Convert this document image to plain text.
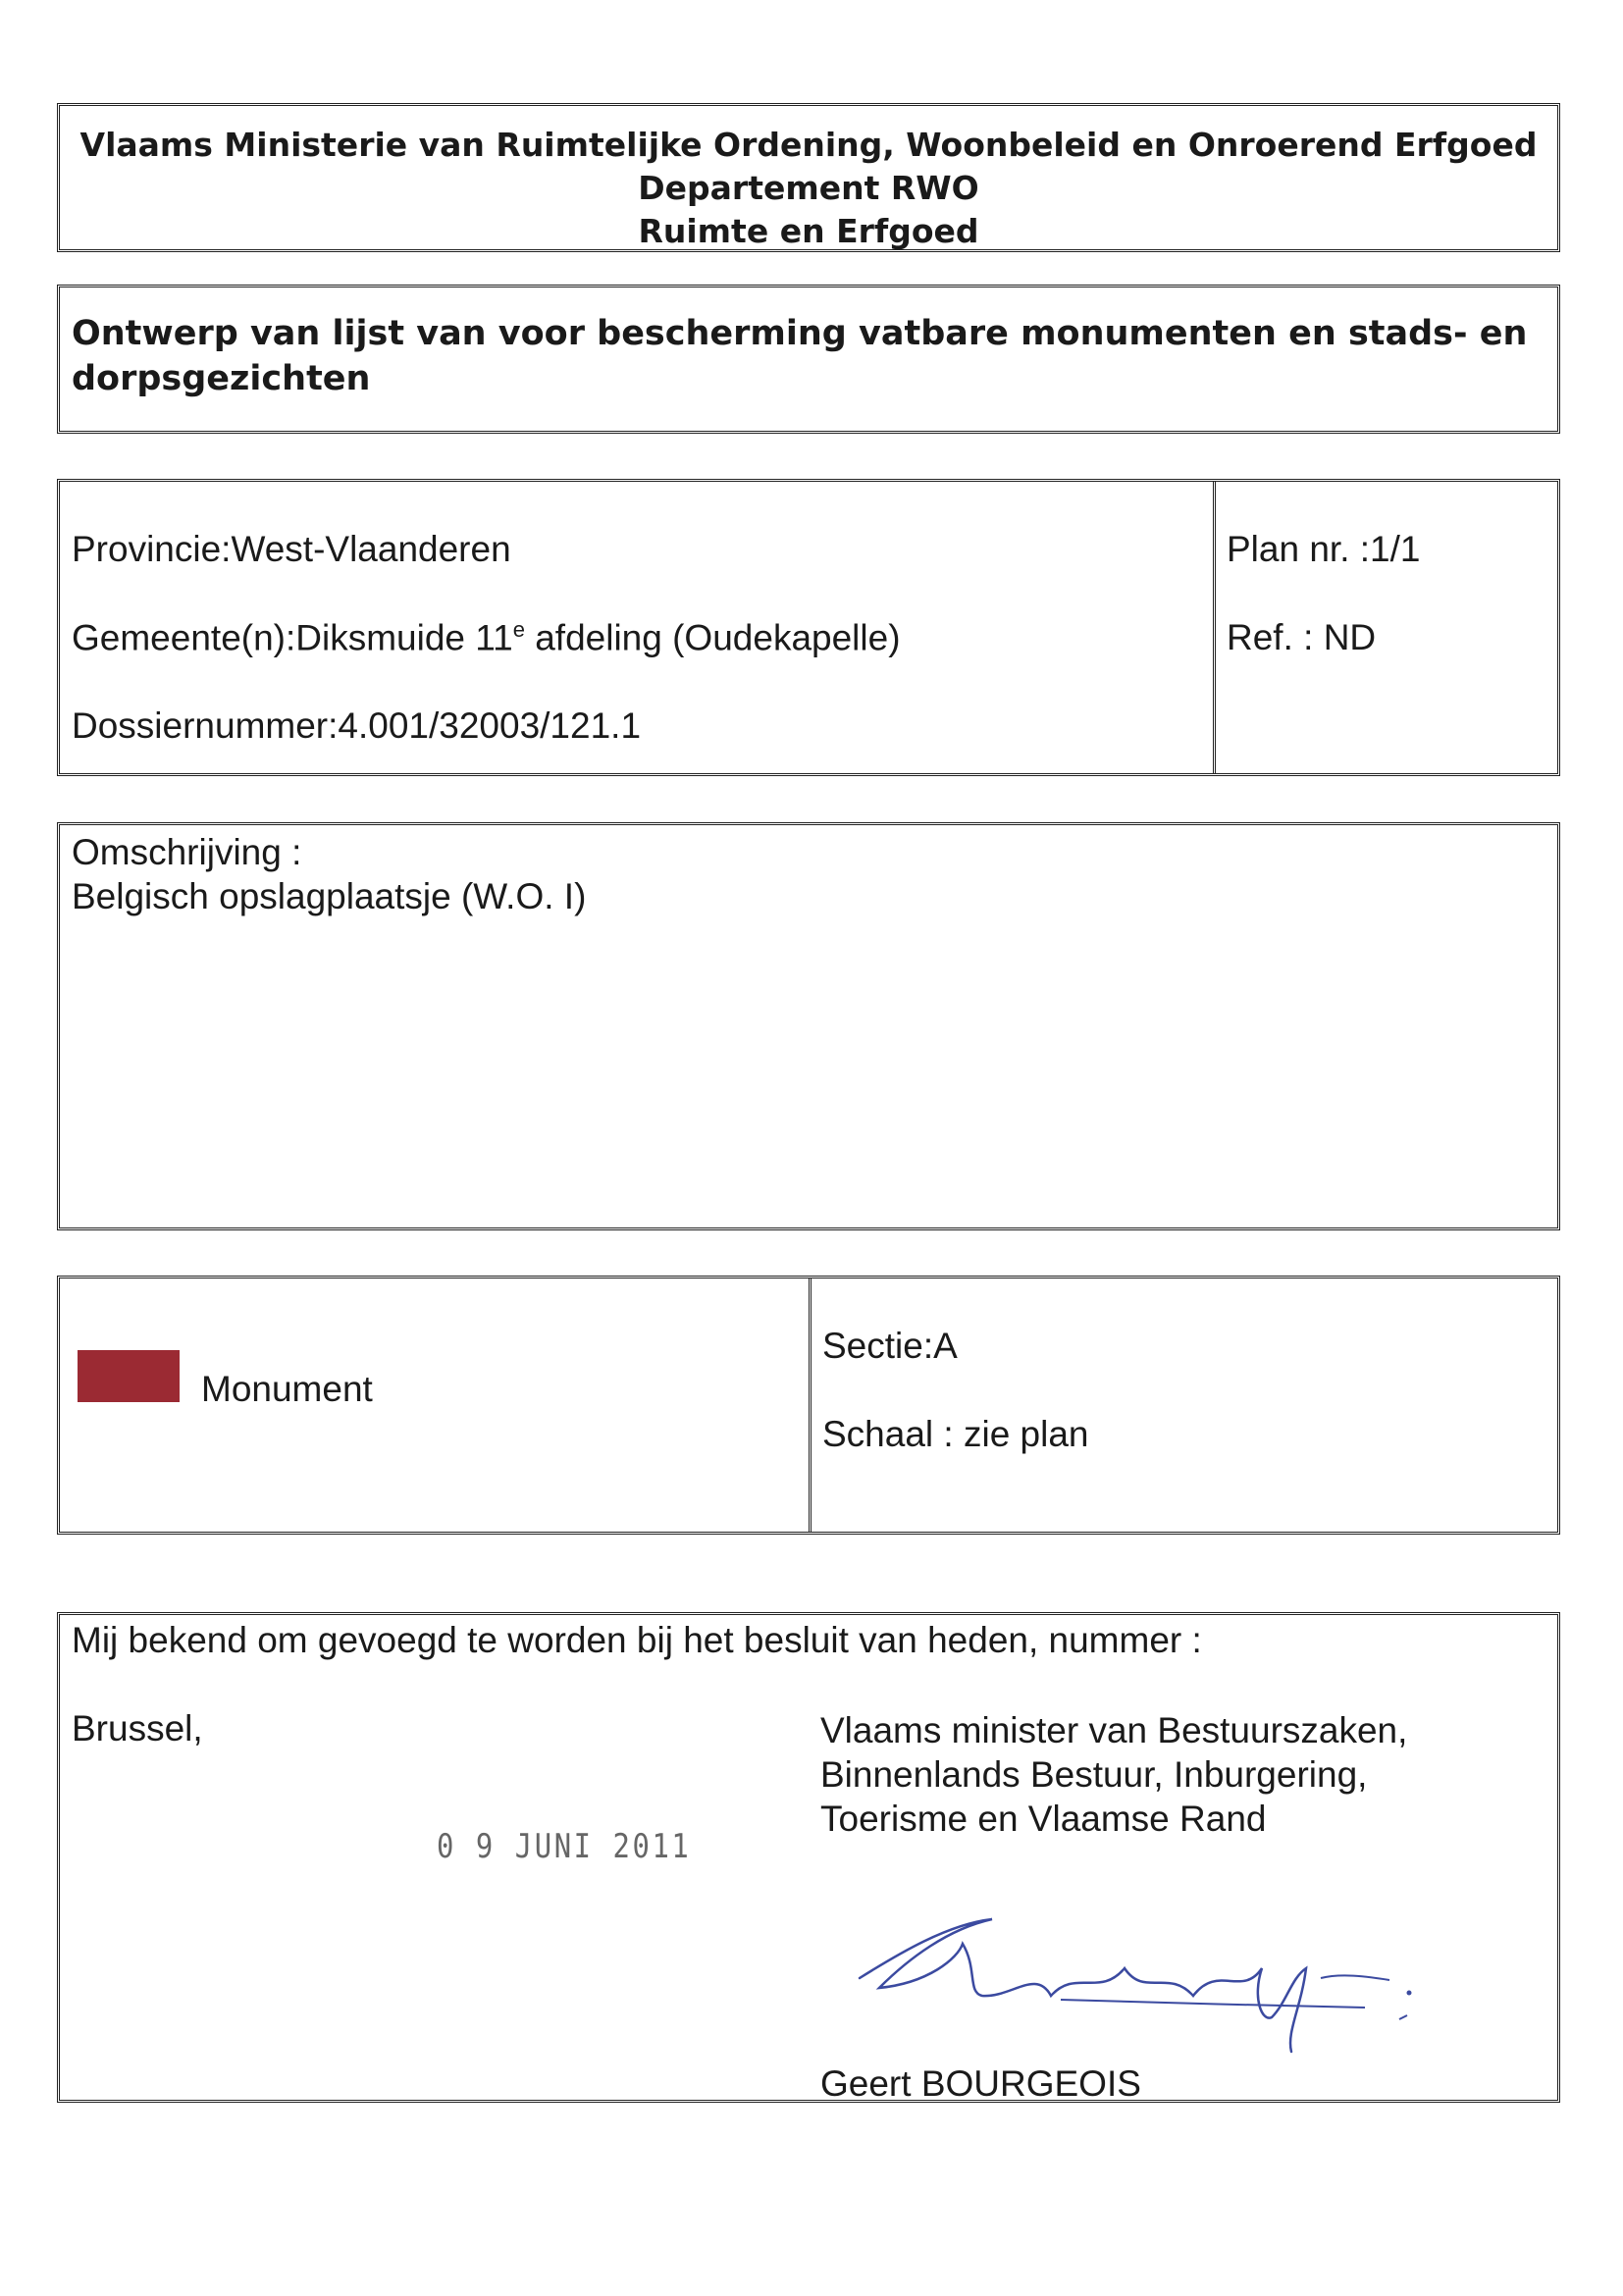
Vlaams Ministerie van Ruimtelijke Ordening, Woonbeleid en Onroerend Erfgoed
Departement RWO
Ruimte en Erfgoed
Ontwerp van lijst van voor bescherming vatbare monumenten en stads- en
dorpsgezichten
Provincie:West-Vlaanderen
Gemeente(n):Diksmuide 11e afdeling (Oudekapelle)
Dossiernummer:4.001/32003/121.1
Plan nr. :1/1
Ref. : ND
Omschrijving :
Belgisch opslagplaatsje (W.O. I)
Monument
Sectie:A
Schaal : zie plan
Mij bekend om gevoegd te worden bij het besluit van heden, nummer :
Brussel,	Vlaams minister van Bestuurszaken,
Binnenlands Bestuur, Inburgering,
Toerisme en Vlaamse Rand
Geert BOURGEOIS
0 9 JUNI 2011
